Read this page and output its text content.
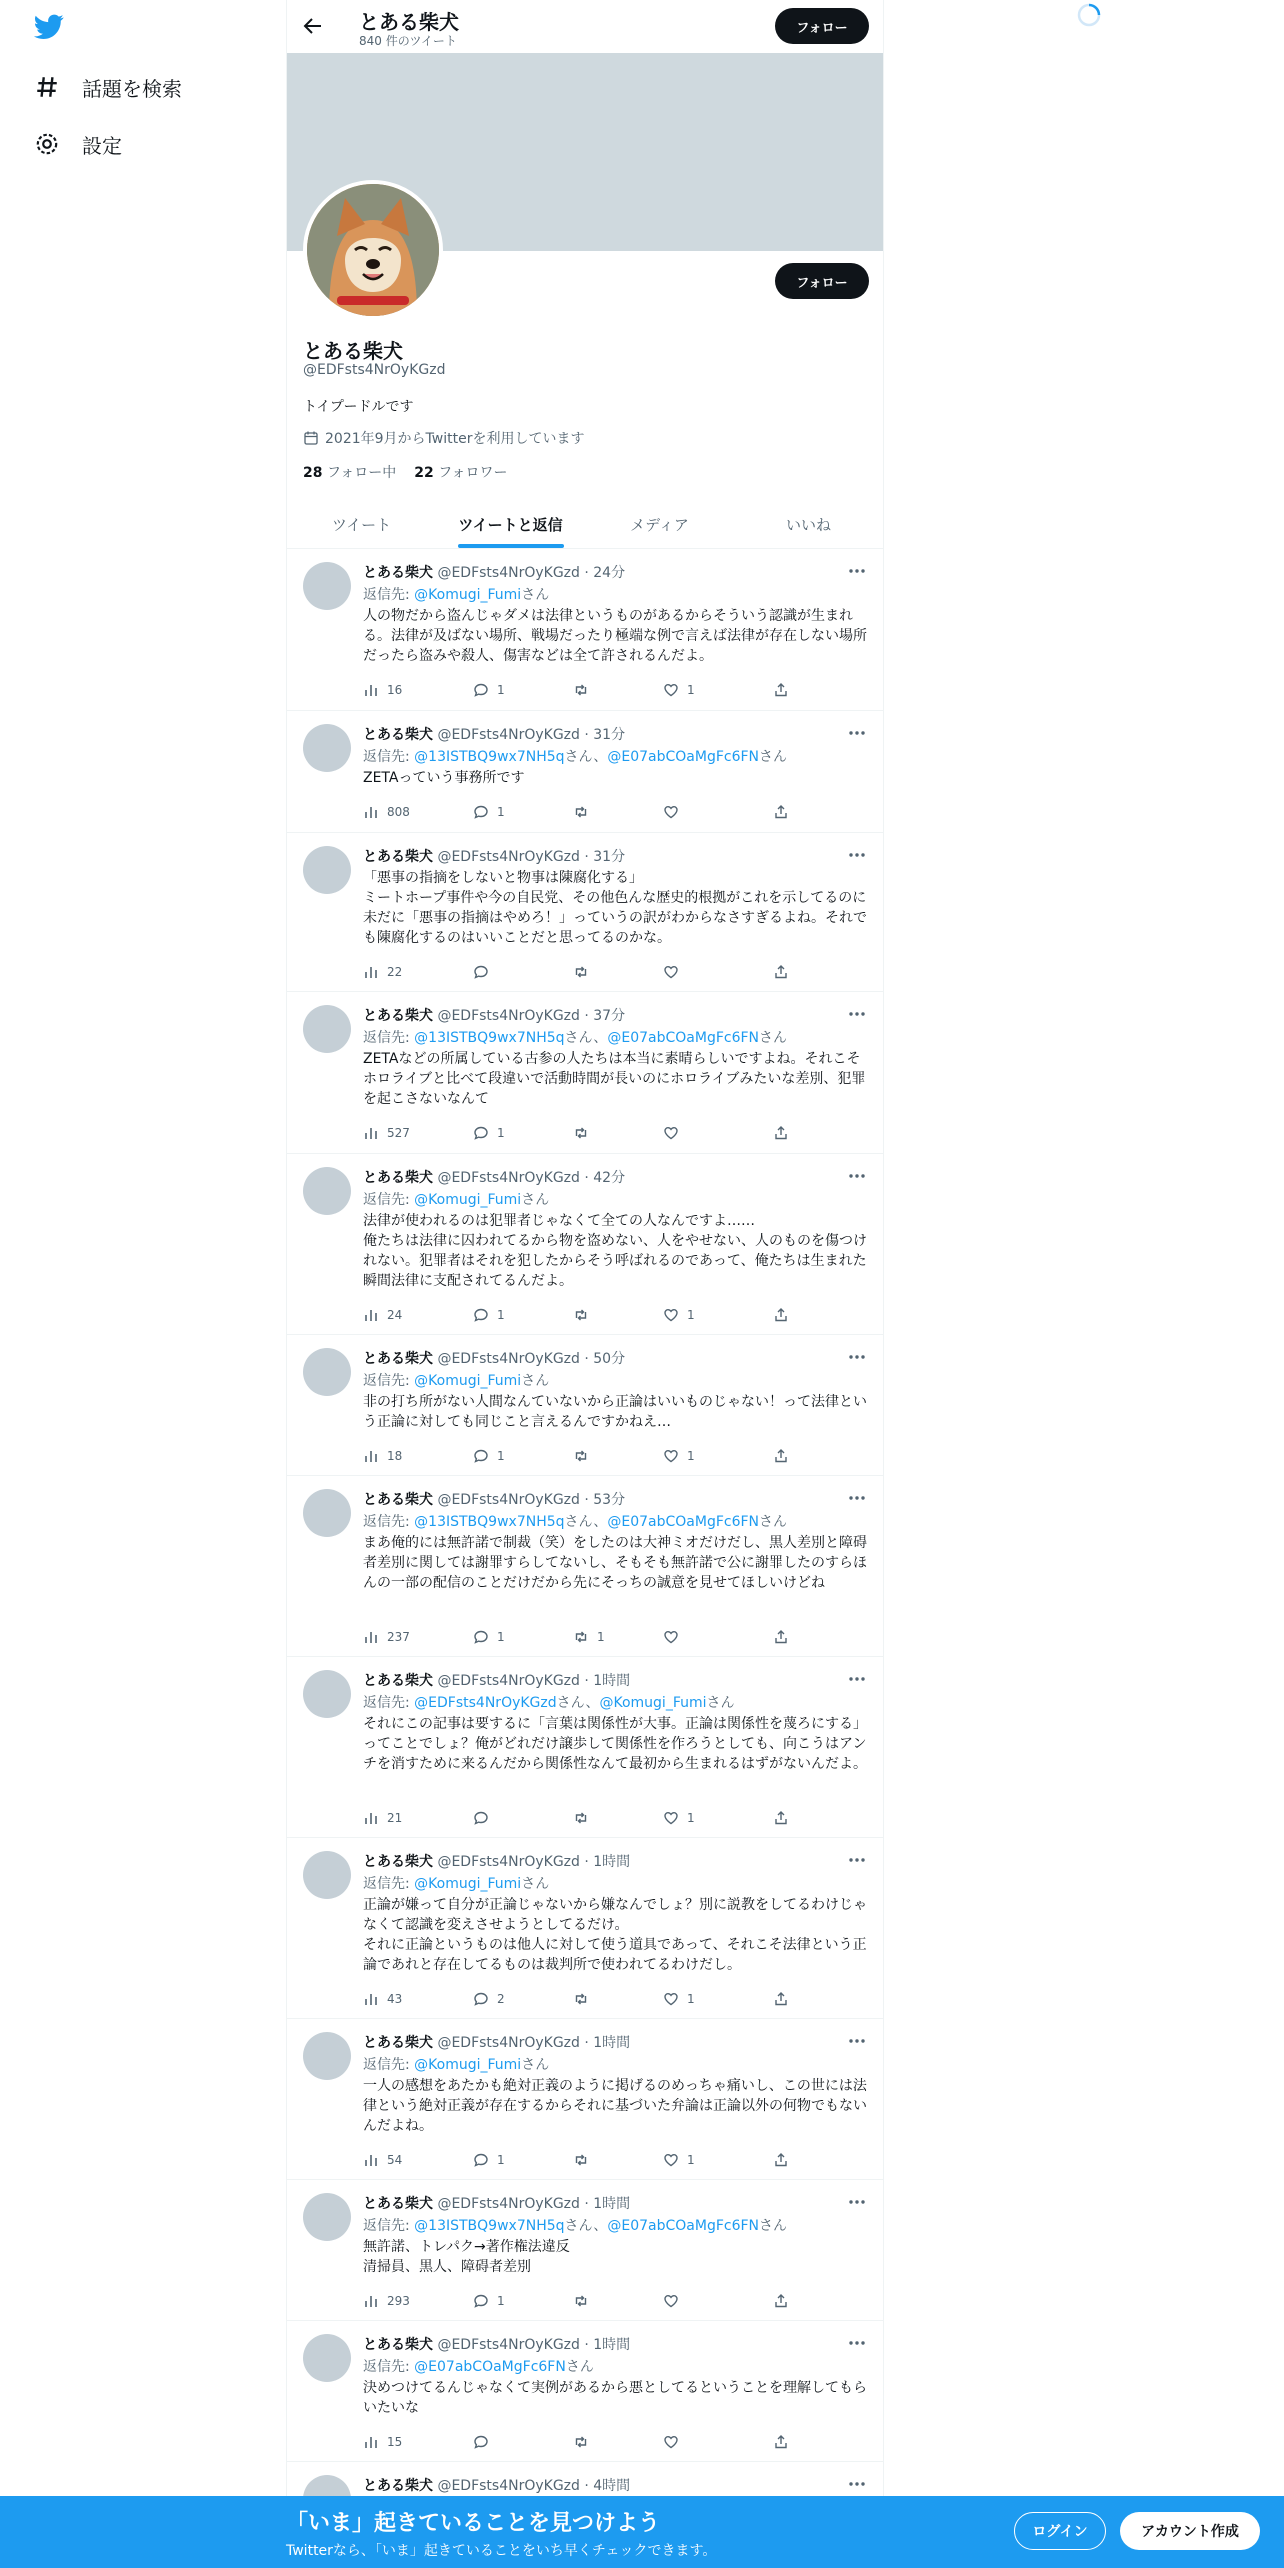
話題を検索
設定
とある柴犬
840 件のツイート
フォロー
フォロー
とある柴犬
@EDFsts4NrOyKGzd
トイプードルです
2021年9月からTwitterを利用しています
28 フォロー中 22 フォロワー
ツイート	ツイートと返信	メディア	いいね
とある柴犬 @EDFsts4NrOyKGzd · 24分
返信先: @Komugi_Fumiさん
人の物だから盗んじゃダメは法律というものがあるからそういう認識が生まれる。法律が及ばない場所、戦場だったり極端な例で言えば法律が存在しない場所だったら盗みや殺人、傷害などは全て許されるんだよ。
16	1	1
とある柴犬 @EDFsts4NrOyKGzd · 31分
返信先: @13ISTBQ9wx7NH5qさん、@E07abCOaMgFc6FNさん
ZETAっていう事務所です
808	1
とある柴犬 @EDFsts4NrOyKGzd · 31分
「悪事の指摘をしないと物事は陳腐化する」
ミートホープ事件や今の自民党、その他色んな歴史的根拠がこれを示してるのに未だに「悪事の指摘はやめろ！」っていうの訳がわからなさすぎるよね。それでも陳腐化するのはいいことだと思ってるのかな。
22
とある柴犬 @EDFsts4NrOyKGzd · 37分
返信先: @13ISTBQ9wx7NH5qさん、@E07abCOaMgFc6FNさん
ZETAなどの所属している古参の人たちは本当に素晴らしいですよね。それこそホロライブと比べて段違いで活動時間が長いのにホロライブみたいな差別、犯罪を起こさないなんて
527	1
とある柴犬 @EDFsts4NrOyKGzd · 42分
返信先: @Komugi_Fumiさん
法律が使われるのは犯罪者じゃなくて全ての人なんですよ……
俺たちは法律に囚われてるから物を盗めない、人をやせない、人のものを傷つけれない。犯罪者はそれを犯したからそう呼ばれるのであって、俺たちは生まれた瞬間法律に支配されてるんだよ。
24	1	1
とある柴犬 @EDFsts4NrOyKGzd · 50分
返信先: @Komugi_Fumiさん
非の打ち所がない人間なんていないから正論はいいものじゃない！って法律という正論に対しても同じこと言えるんですかねえ…
18	1	1
とある柴犬 @EDFsts4NrOyKGzd · 53分
返信先: @13ISTBQ9wx7NH5qさん、@E07abCOaMgFc6FNさん
まあ俺的には無許諾で制裁（笑）をしたのは大神ミオだけだし、黒人差別と障碍者差別に関しては謝罪すらしてないし、そもそも無許諾で公に謝罪したのすらほんの一部の配信のことだけだから先にそっちの誠意を見せてほしいけどね
237	1	1
とある柴犬 @EDFsts4NrOyKGzd · 1時間
返信先: @EDFsts4NrOyKGzdさん、@Komugi_Fumiさん
それにこの記事は要するに「言葉は関係性が大事。正論は関係性を蔑ろにする」ってことでしょ？俺がどれだけ譲歩して関係性を作ろうとしても、向こうはアンチを消すために来るんだから関係性なんて最初から生まれるはずがないんだよ。
21	1
とある柴犬 @EDFsts4NrOyKGzd · 1時間
返信先: @Komugi_Fumiさん
正論が嫌って自分が正論じゃないから嫌なんでしょ？別に説教をしてるわけじゃなくて認識を変えさせようとしてるだけ。
それに正論というものは他人に対して使う道具であって、それこそ法律という正論であれと存在してるものは裁判所で使われてるわけだし。
43	2	1
とある柴犬 @EDFsts4NrOyKGzd · 1時間
返信先: @Komugi_Fumiさん
一人の感想をあたかも絶対正義のように掲げるのめっちゃ痛いし、この世には法律という絶対正義が存在するからそれに基づいた弁論は正論以外の何物でもないんだよね。
54	1	1
とある柴犬 @EDFsts4NrOyKGzd · 1時間
返信先: @13ISTBQ9wx7NH5qさん、@E07abCOaMgFc6FNさん
無許諾、トレパク→著作権法違反
清掃員、黒人、障碍者差別
293	1
とある柴犬 @EDFsts4NrOyKGzd · 1時間
返信先: @E07abCOaMgFc6FNさん
決めつけてるんじゃなくて実例があるから悪としてるということを理解してもらいたいな
15
とある柴犬 @EDFsts4NrOyKGzd · 4時間
「いま」起きていることを見つけよう
Twitterなら、「いま」起きていることをいち早くチェックできます。
ログイン	アカウント作成
